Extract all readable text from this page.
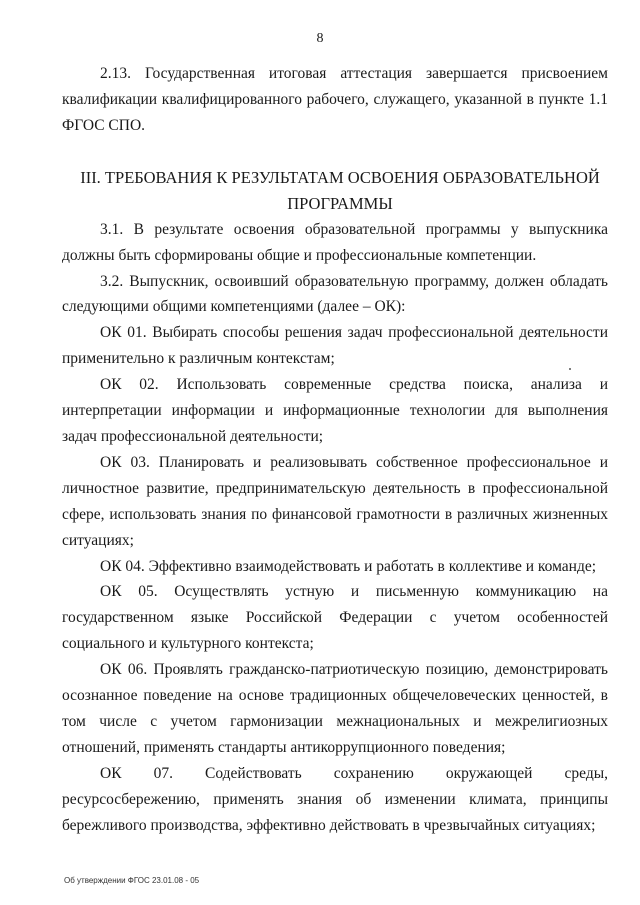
8

2.13. Государственная итоговая аттестация завершается присвоением квалификации квалифицированного рабочего, служащего, указанной в пункте 1.1 ФГОС СПО.

III. ТРЕБОВАНИЯ К РЕЗУЛЬТАТАМ ОСВОЕНИЯ ОБРАЗОВАТЕЛЬНОЙ ПРОГРАММЫ

3.1. В результате освоения образовательной программы у выпускника должны быть сформированы общие и профессиональные компетенции.

3.2. Выпускник, освоивший образовательную программу, должен обладать следующими общими компетенциями (далее – ОК):

ОК 01. Выбирать способы решения задач профессиональной деятельности применительно к различным контекстам;

ОК 02. Использовать современные средства поиска, анализа и интерпретации информации и информационные технологии для выполнения задач профессиональной деятельности;

ОК 03. Планировать и реализовывать собственное профессиональное и личностное развитие, предпринимательскую деятельность в профессиональной сфере, использовать знания по финансовой грамотности в различных жизненных ситуациях;

ОК 04. Эффективно взаимодействовать и работать в коллективе и команде;

ОК 05. Осуществлять устную и письменную коммуникацию на государственном языке Российской Федерации с учетом особенностей социального и культурного контекста;

ОК 06. Проявлять гражданско-патриотическую позицию, демонстрировать осознанное поведение на основе традиционных общечеловеческих ценностей, в том числе с учетом гармонизации межнациональных и межрелигиозных отношений, применять стандарты антикоррупционного поведения;

ОК 07. Содействовать сохранению окружающей среды, ресурсосбережению, применять знания об изменении климата, принципы бережливого производства, эффективно действовать в чрезвычайных ситуациях;

Об утверждении ФГОС 23.01.08 - 05
